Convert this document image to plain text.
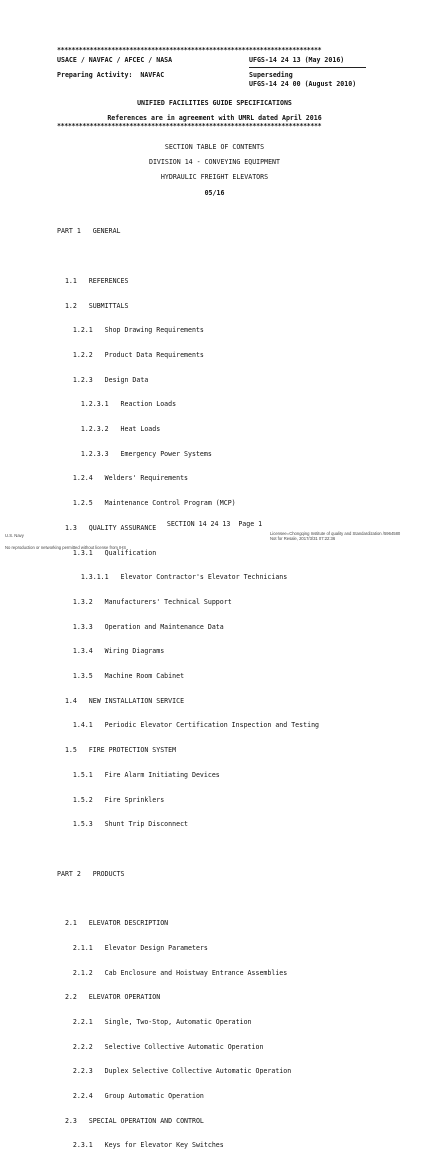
*************************************************************************
USACE / NAVFAC / AFCEC / NASA	UFGS-14 24 13 (May 2016)
Preparing Activity:  NAVFAC	Superseding
UFGS-14 24 00 (August 2010)
UNIFIED FACILITIES GUIDE SPECIFICATIONS
References are in agreement with UMRL dated April 2016
*************************************************************************
SECTION TABLE OF CONTENTS
DIVISION 14 - CONVEYING EQUIPMENT
HYDRAULIC FREIGHT ELEVATORS
05/16

PART 1   GENERAL

1.1   REFERENCES

1.2   SUBMITTALS

1.2.1   Shop Drawing Requirements

1.2.2   Product Data Requirements

1.2.3   Design Data

1.2.3.1   Reaction Loads

1.2.3.2   Heat Loads

1.2.3.3   Emergency Power Systems

1.2.4   Welders' Requirements

1.2.5   Maintenance Control Program (MCP)

1.3   QUALITY ASSURANCE

1.3.1   Qualification

1.3.1.1   Elevator Contractor's Elevator Technicians

1.3.2   Manufacturers' Technical Support

1.3.3   Operation and Maintenance Data

1.3.4   Wiring Diagrams

1.3.5   Machine Room Cabinet

1.4   NEW INSTALLATION SERVICE

1.4.1   Periodic Elevator Certification Inspection and Testing

1.5   FIRE PROTECTION SYSTEM

1.5.1   Fire Alarm Initiating Devices

1.5.2   Fire Sprinklers

1.5.3   Shunt Trip Disconnect

PART 2   PRODUCTS

2.1   ELEVATOR DESCRIPTION

2.1.1   Elevator Design Parameters

2.1.2   Cab Enclosure and Hoistway Entrance Assemblies

2.2   ELEVATOR OPERATION

2.2.1   Single, Two-Stop, Automatic Operation

2.2.2   Selective Collective Automatic Operation

2.2.3   Duplex Selective Collective Automatic Operation

2.2.4   Group Automatic Operation

2.3   SPECIAL OPERATION AND CONTROL

2.3.1   Keys for Elevator Key Switches

SECTION 14 24 13  Page 1
U.S. Navy
No reproduction or networking permitted without license from IHS
Licensee=Chongqing Institute of quality and Standardization /5964580
Not for Resale, 2017/3/31 07:22:36
